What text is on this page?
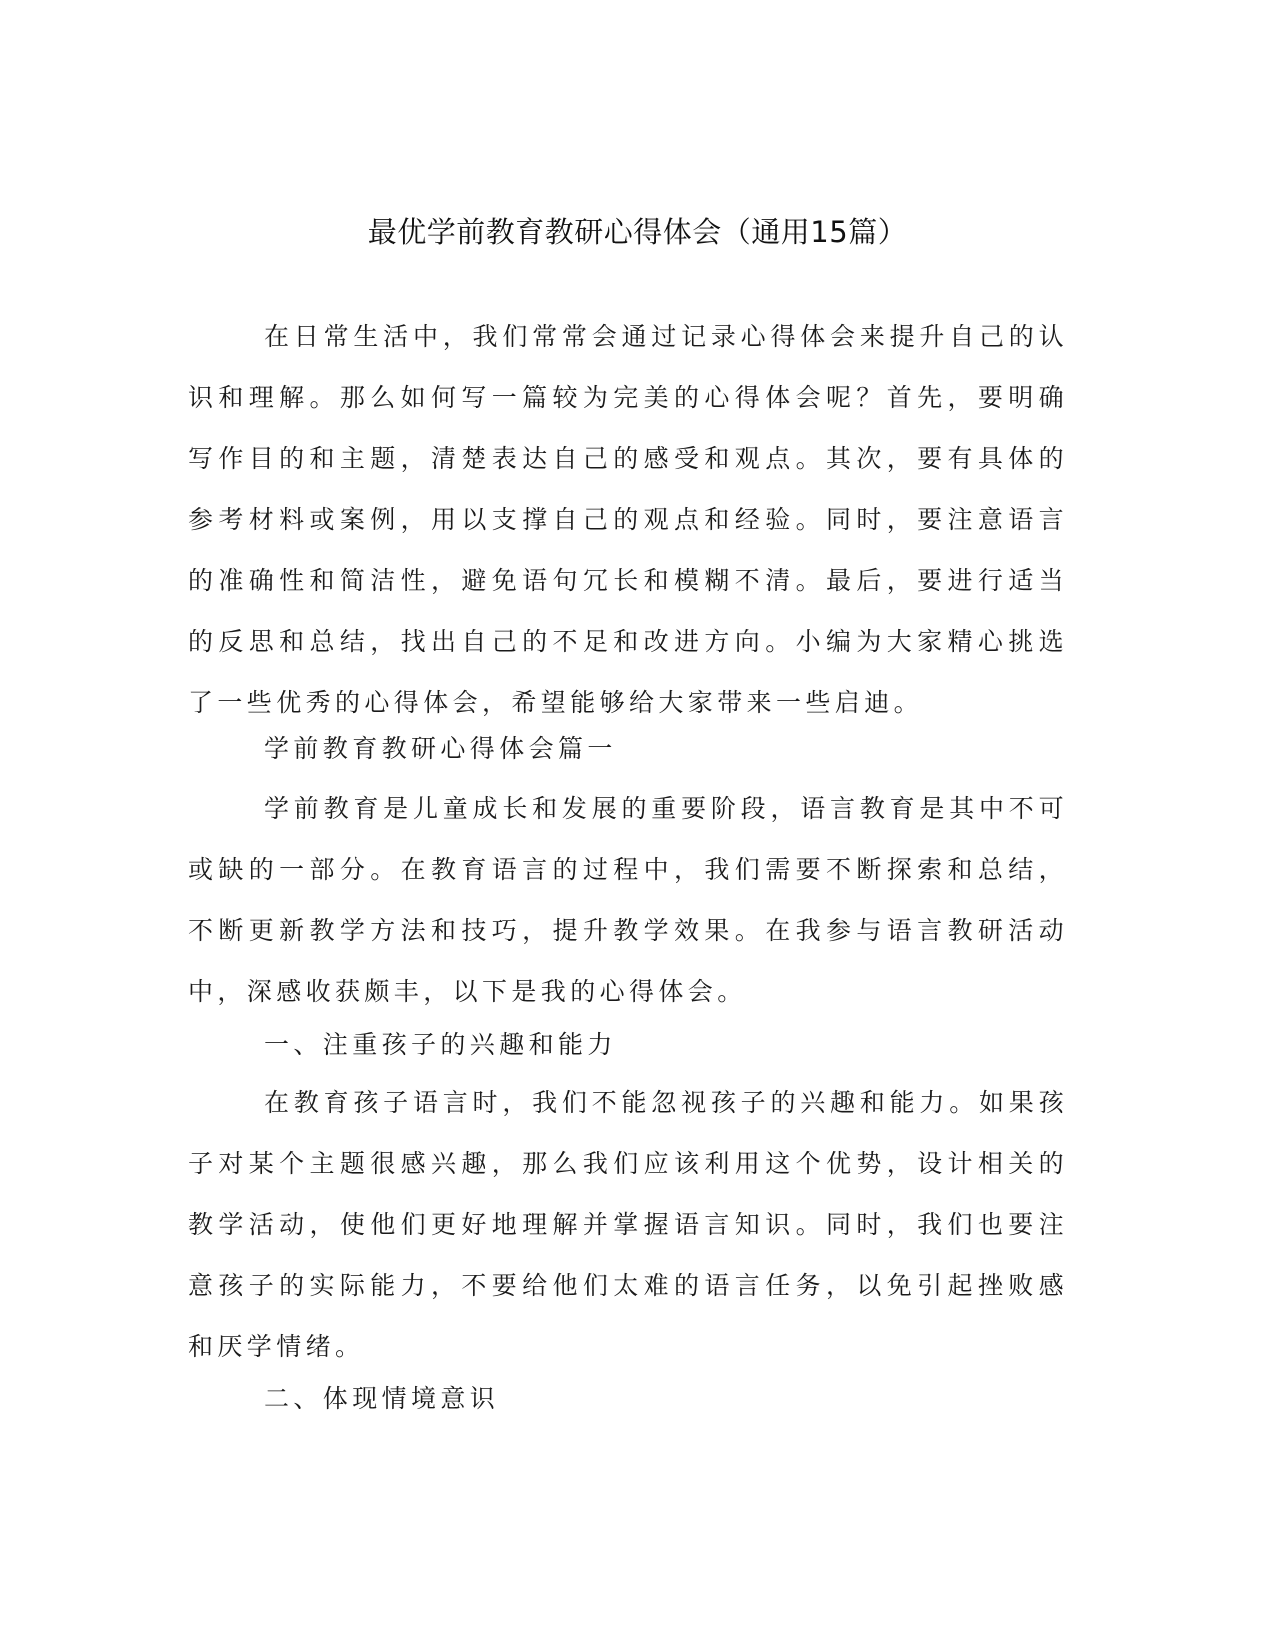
最优学前教育教研心得体会（通用15篇）

在日常生活中，我们常常会通过记录心得体会来提升自己的认识和理解。那么如何写一篇较为完美的心得体会呢？首先，要明确写作目的和主题，清楚表达自己的感受和观点。其次，要有具体的参考材料或案例，用以支撑自己的观点和经验。同时，要注意语言的准确性和简洁性，避免语句冗长和模糊不清。最后，要进行适当的反思和总结，找出自己的不足和改进方向。小编为大家精心挑选了一些优秀的心得体会，希望能够给大家带来一些启迪。

学前教育教研心得体会篇一

学前教育是儿童成长和发展的重要阶段，语言教育是其中不可或缺的一部分。在教育语言的过程中，我们需要不断探索和总结，不断更新教学方法和技巧，提升教学效果。在我参与语言教研活动中，深感收获颇丰，以下是我的心得体会。

一、注重孩子的兴趣和能力

在教育孩子语言时，我们不能忽视孩子的兴趣和能力。如果孩子对某个主题很感兴趣，那么我们应该利用这个优势，设计相关的教学活动，使他们更好地理解并掌握语言知识。同时，我们也要注意孩子的实际能力，不要给他们太难的语言任务，以免引起挫败感和厌学情绪。

二、体现情境意识
